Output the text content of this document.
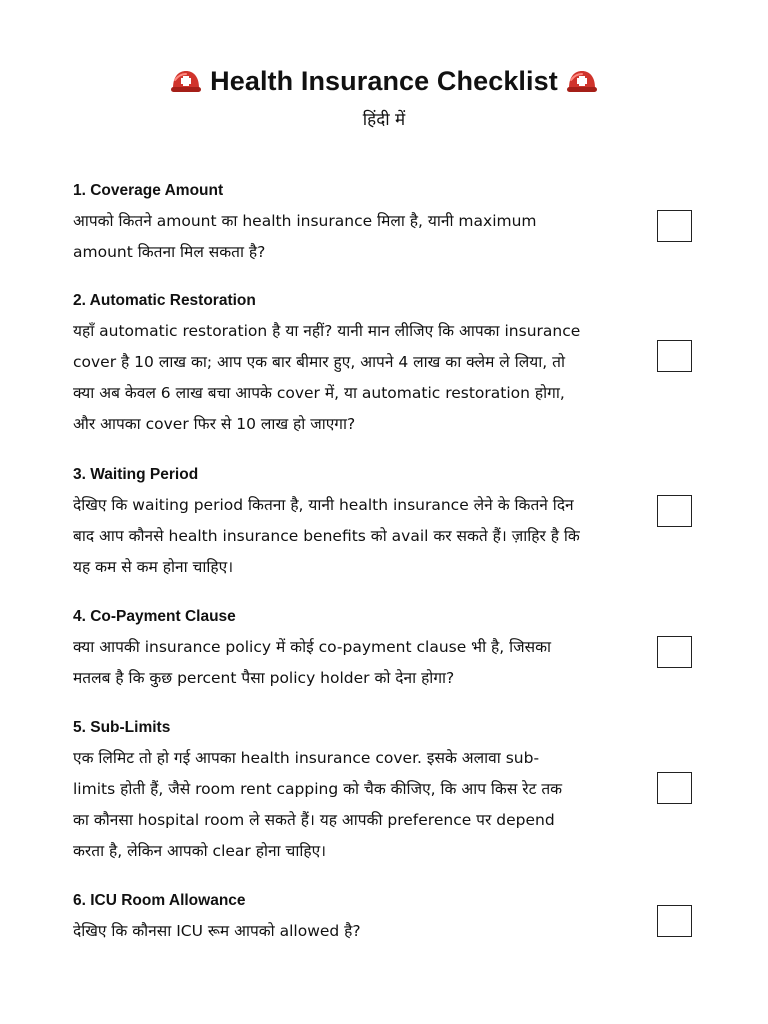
Health Insurance Checklist
हिंदी में
1. Coverage Amount
आपको कितने amount का health insurance मिला है, यानी maximum
amount कितना मिल सकता है?
2. Automatic Restoration
यहाँ automatic restoration है या नहीं? यानी मान लीजिए कि आपका insurance
cover है 10 लाख का; आप एक बार बीमार हुए, आपने 4 लाख का क्लेम ले लिया, तो
क्या अब केवल 6 लाख बचा आपके cover में, या automatic restoration होगा,
और आपका cover फिर से 10 लाख हो जाएगा?
3. Waiting Period
देखिए कि waiting period कितना है, यानी health insurance लेने के कितने दिन
बाद आप कौनसे health insurance benefits को avail कर सकते हैं। ज़ाहिर है कि
यह कम से कम होना चाहिए।
4. Co-Payment Clause
क्या आपकी insurance policy में कोई co-payment clause भी है, जिसका
मतलब है कि कुछ percent पैसा policy holder को देना होगा?
5. Sub-Limits
एक लिमिट तो हो गई आपका health insurance cover. इसके अलावा sub-
limits होती हैं, जैसे room rent capping को चैक कीजिए, कि आप किस रेट तक
का कौनसा hospital room ले सकते हैं। यह आपकी preference पर depend
करता है, लेकिन आपको clear होना चाहिए।
6. ICU Room Allowance
देखिए कि कौनसा ICU रूम आपको allowed है?
